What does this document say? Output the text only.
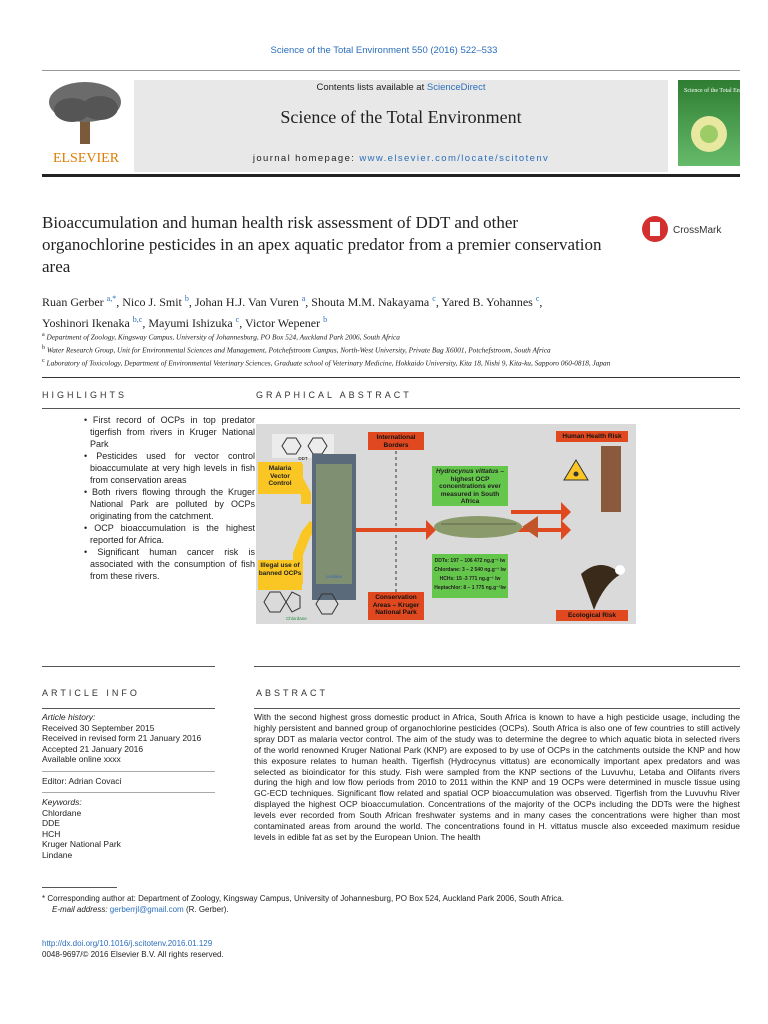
Science of the Total Environment 550 (2016) 522–533
ELSEVIER
Contents lists available at ScienceDirect
Science of the Total Environment
journal homepage: www.elsevier.com/locate/scitotenv
Science of the Total Environment
Bioaccumulation and human health risk assessment of DDT and other organochlorine pesticides in an apex aquatic predator from a premier conservation area
CrossMark
Ruan Gerber $^{a,*}$, Nico J. Smit $^b$, Johan H.J. Van Vuren $^a$, Shouta M.M. Nakayama $^c$, Yared B. Yohannes $^c$,
Yoshinori Ikenaka $^{b,c}$, Mayumi Ishizuka $^c$, Victor Wepener $^b$
$^a$ Department of Zoology, Kingsway Campus, University of Johannesburg, PO Box 524, Auckland Park 2006, South Africa
$^b$ Water Research Group, Unit for Environmental Sciences and Management, Potchefstroom Campus, North-West University, Private Bag X6001, Potchefstroom, South Africa
$^c$ Laboratory of Toxicology, Department of Environmental Veterinary Sciences, Graduate school of Veterinary Medicine, Hokkaido University, Kita 18, Nishi 9, Kita-ku, Sapporo 060-0818, Japan
HIGHLIGHTS	GRAPHICAL ABSTRACT
• First record of OCPs in top predator tigerfish from rivers in Kruger National Park
• Pesticides used for vector control bioaccumulate at very high levels in fish from conservation areas
• Both rivers flowing through the Kruger National Park are polluted by OCPs originating from the catchment.
• OCP bioaccumulation is the highest reported for Africa.
• Significant human cancer risk is associated with the consumption of fish from these rivers.
DDT
Chlordane
Lindane
Malaria Vector Control
Illegal use of banned OCPs
International Borders
Conservation Areas – Kruger National Park
Hydrocynus vittatus –
highest OCP concentrations ever measured in South Africa
DDTs: 197 – 106 472 ng.g⁻¹ lw
Chlordane: 3 – 2 540 ng.g⁻¹ lw
HCHs: 15 -3 771 ng.g⁻¹ lw
Heptachlor: 8 – 1 775 ng.g⁻¹lw
Human Health Risk
Ecological Risk
ARTICLE INFO	ABSTRACT
Article history:
Received 30 September 2015
Received in revised form 21 January 2016
Accepted 21 January 2016
Available online xxxx
Editor: Adrian Covaci
Keywords:
Chlordane
DDE
HCH
Kruger National Park
Lindane
With the second highest gross domestic product in Africa, South Africa is known to have a high pesticide usage, including the highly persistent and banned group of organochlorine pesticides (OCPs). South Africa is also one of few countries to still actively spray DDT as malaria vector control. The aim of the study was to determine the degree to which aquatic biota in selected rivers of the world renowned Kruger National Park (KNP) are exposed to by use of OCPs in the catchments outside the KNP and how this exposure relates to human health. Tigerfish (Hydrocynus vittatus) are economically important apex predators and was selected as bioindicator for this study. Fish were sampled from the KNP sections of the Luvuvhu, Letaba and Olifants rivers during the high and low flow periods from 2010 to 2011 within the KNP and 19 OCPs were determined in muscle tissue using GC-ECD techniques. Significant flow related and spatial OCP bioaccumulation was observed. Tigerfish from the Luvuvhu River displayed the highest OCP bioaccumulation. Concentrations of the majority of the OCPs including the DDTs were the highest levels ever recorded from South African freshwater systems and in many cases the concentrations were higher than most contaminated areas from around the world. The concentrations found in H. vittatus muscle also exceeded maximum residue levels in edible fat as set by the European Union. The health
* Corresponding author at: Department of Zoology, Kingsway Campus, University of Johannesburg, PO Box 524, Auckland Park 2006, South Africa.
E-mail address: gerberrjl@gmail.com (R. Gerber).
http://dx.doi.org/10.1016/j.scitotenv.2016.01.129
0048-9697/© 2016 Elsevier B.V. All rights reserved.
